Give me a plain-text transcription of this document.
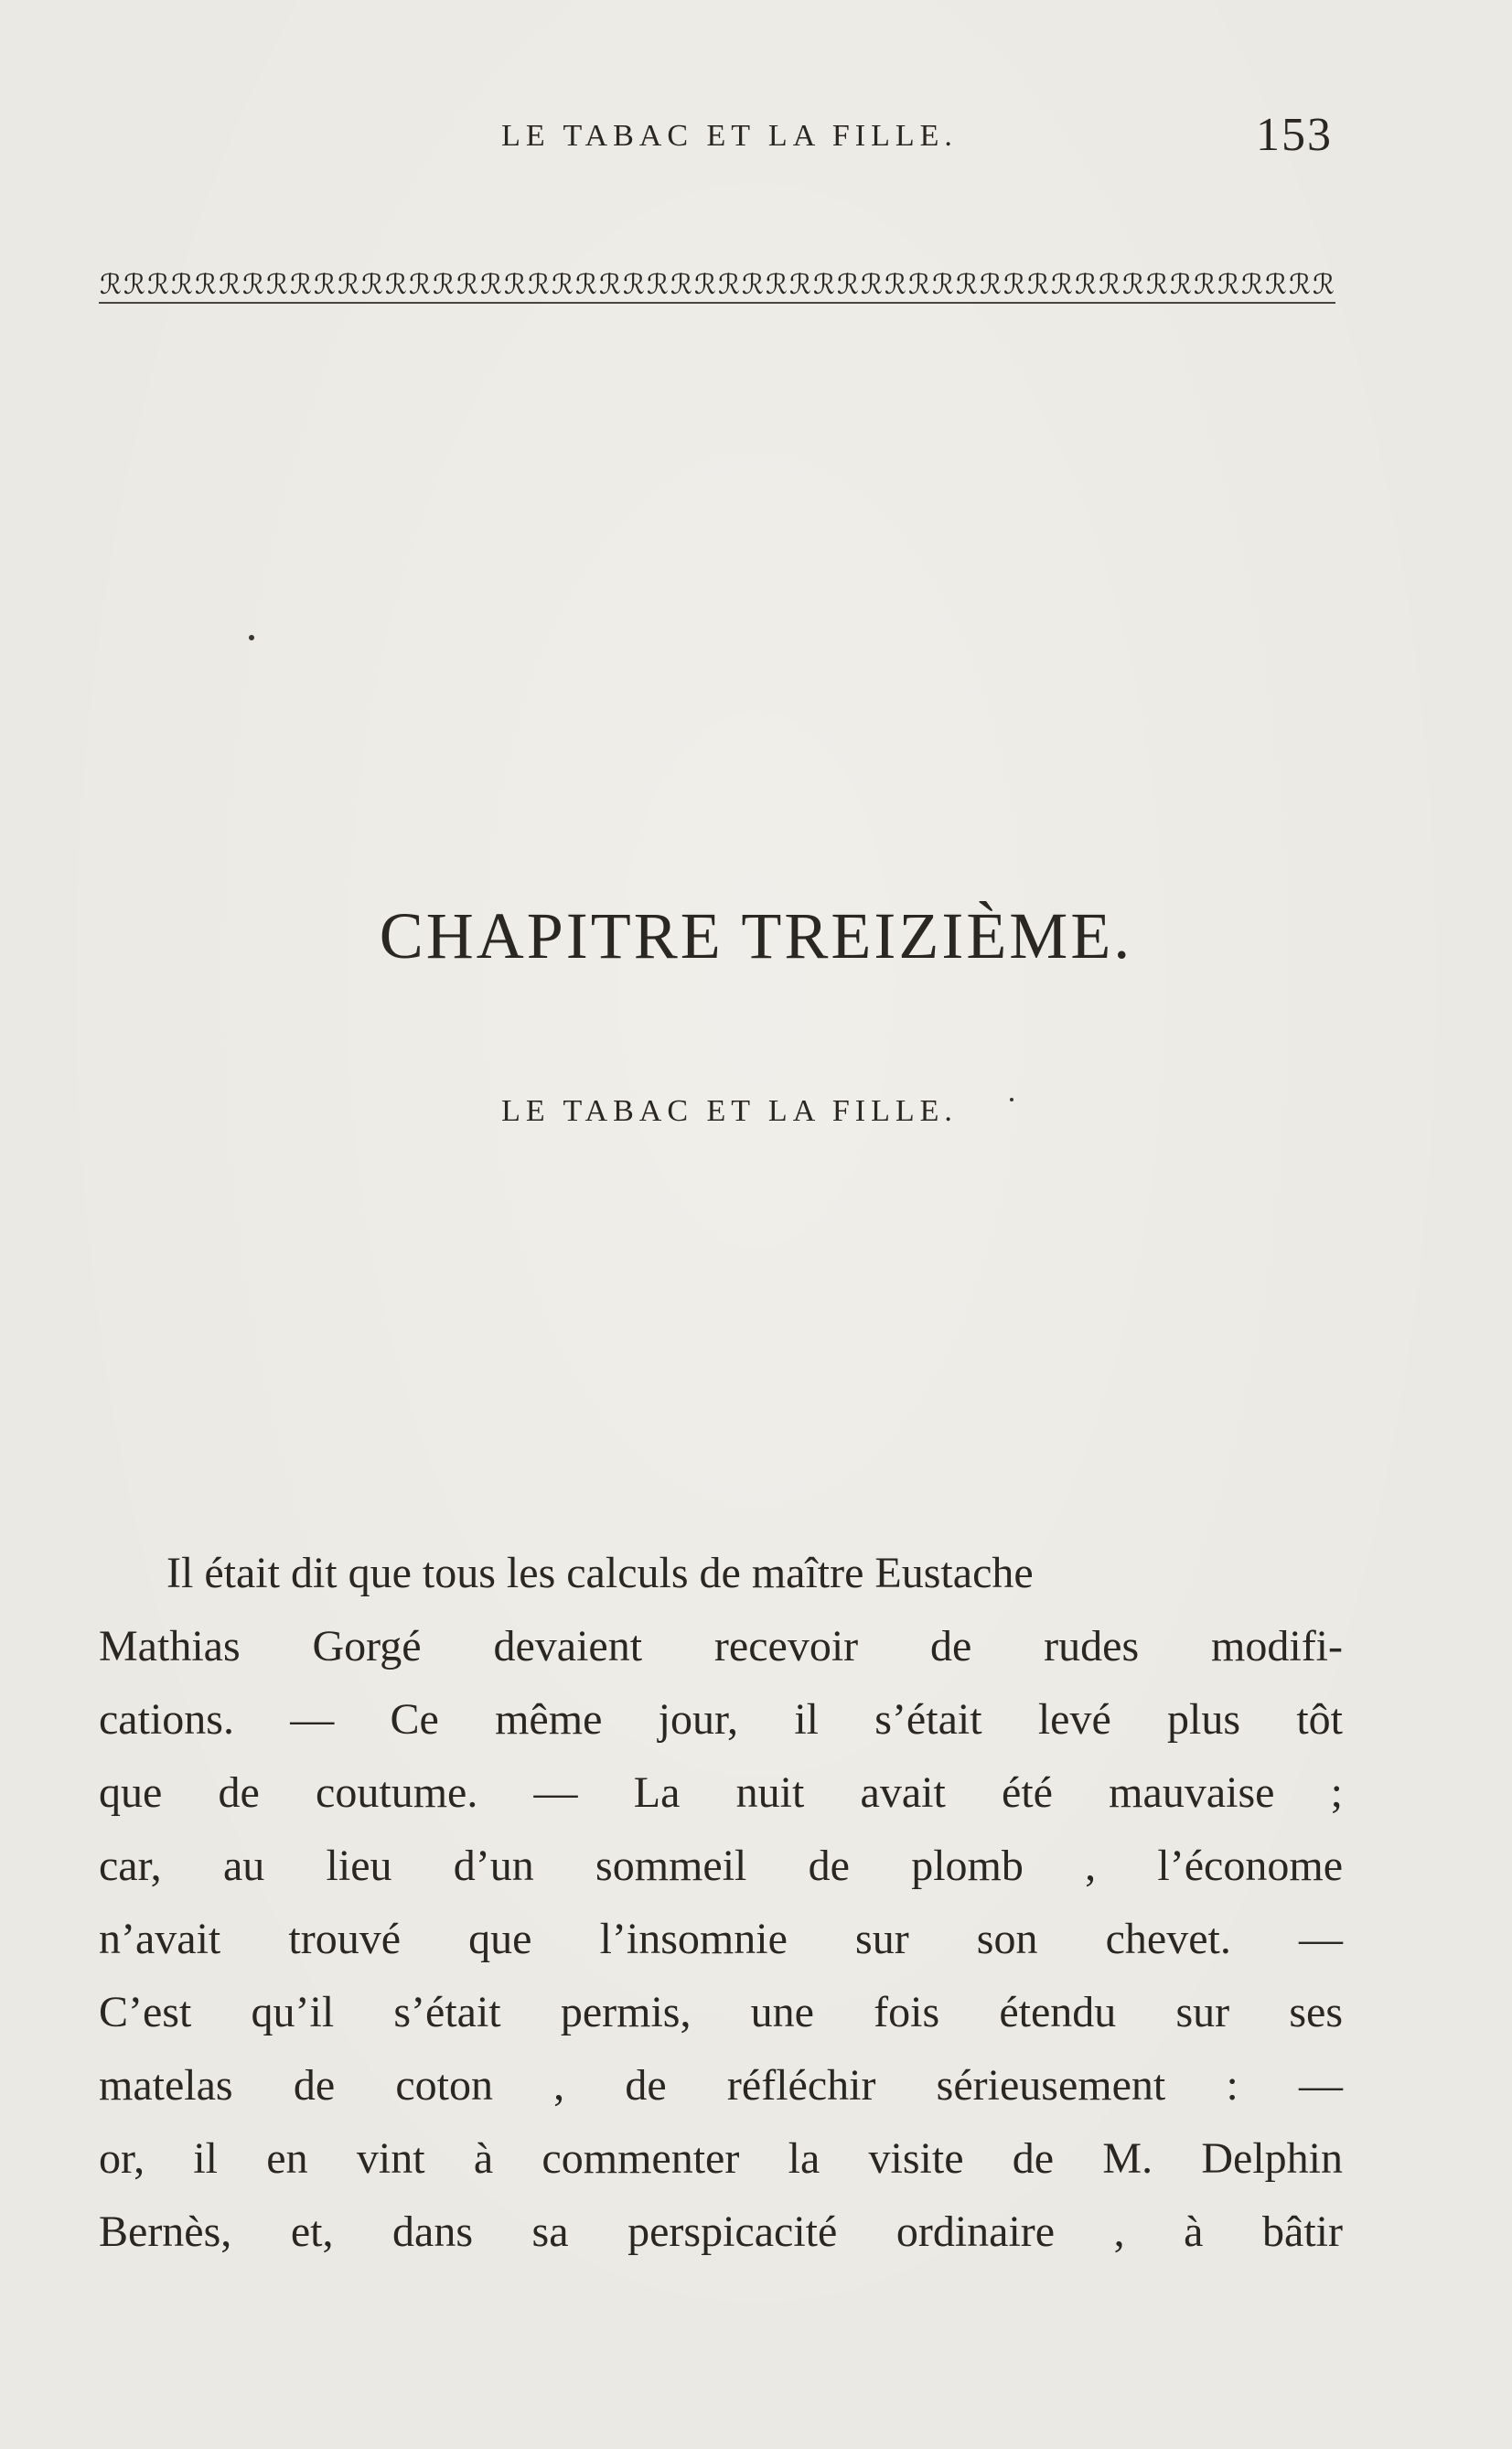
LE TABAC ET LA FILLE.	153
ℛℛℛℛℛℛℛℛℛℛℛℛℛℛℛℛℛℛℛℛℛℛℛℛℛℛℛℛℛℛℛℛℛℛℛℛℛℛℛℛℛℛℛℛℛℛℛℛℛℛℛℛ
CHAPITRE TREIZIÈME.
LE TABAC ET LA FILLE.
Il était dit que tous les calculs de maître Eustache
Mathias Gorgé devaient recevoir de rudes modifi-
cations. — Ce même jour, il s’était levé plus tôt
que de coutume. — La nuit avait été mauvaise ;
car, au lieu d’un sommeil de plomb , l’économe
n’avait trouvé que l’insomnie sur son chevet. —
C’est qu’il s’était permis, une fois étendu sur ses
matelas de coton , de réfléchir sérieusement : —
or, il en vint à commenter la visite de M. Delphin
Bernès, et, dans sa perspicacité ordinaire , à bâtir
